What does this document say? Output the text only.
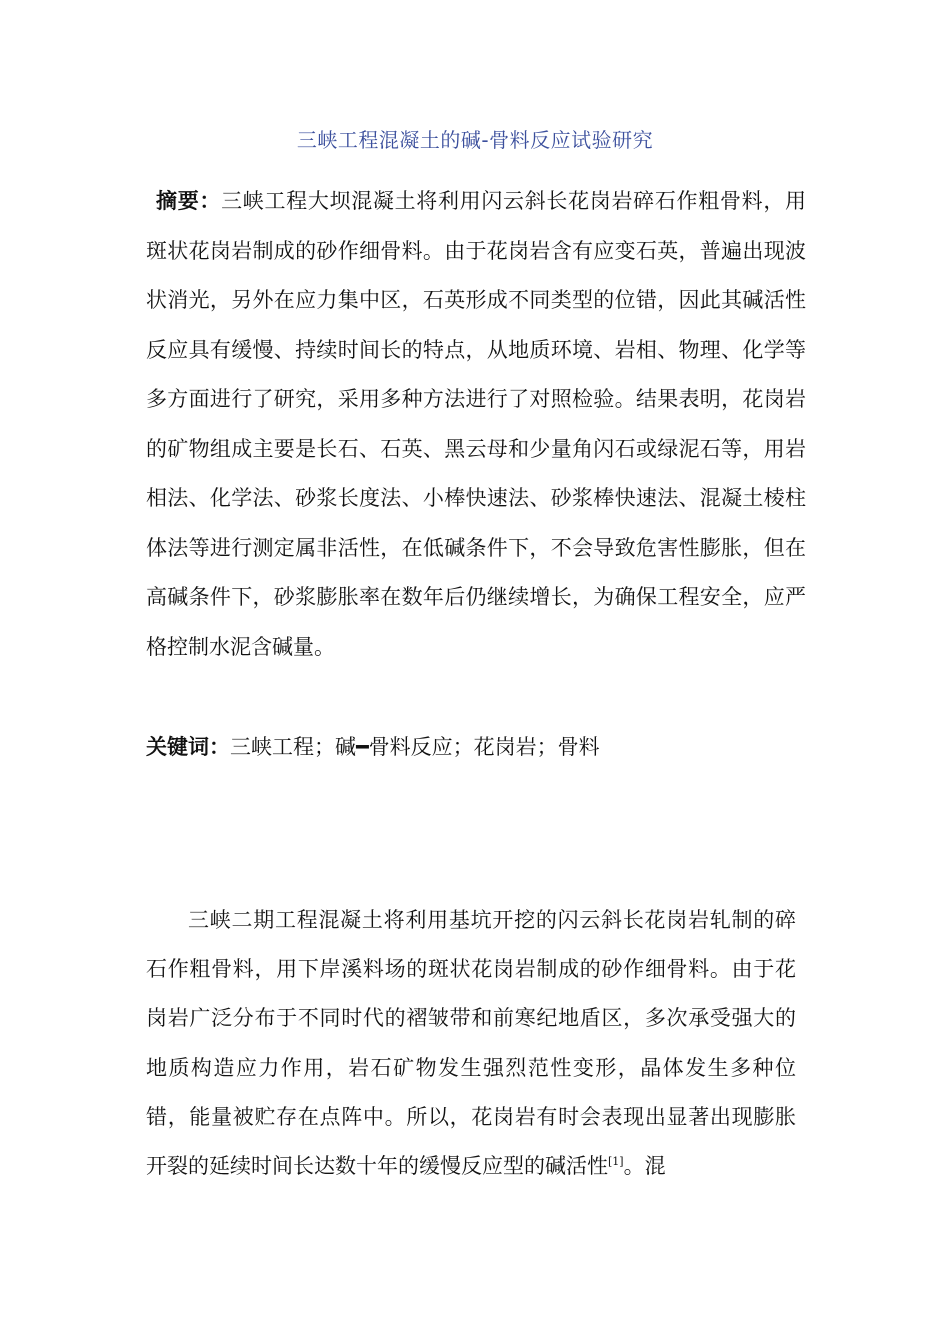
三峡工程混凝土的碱-骨料反应试验研究
摘要：三峡工程大坝混凝土将利用闪云斜长花岗岩碎石作粗骨料，用斑状花岗岩制成的砂作细骨料。由于花岗岩含有应变石英，普遍出现波状消光，另外在应力集中区，石英形成不同类型的位错，因此其碱活性反应具有缓慢、持续时间长的特点，从地质环境、岩相、物理、化学等多方面进行了研究，采用多种方法进行了对照检验。结果表明，花岗岩的矿物组成主要是长石、石英、黑云母和少量角闪石或绿泥石等，用岩相法、化学法、砂浆长度法、小棒快速法、砂浆棒快速法、混凝土棱柱体法等进行测定属非活性，在低碱条件下，不会导致危害性膨胀，但在高碱条件下，砂浆膨胀率在数年后仍继续增长，为确保工程安全，应严格控制水泥含碱量。
关键词：三峡工程；碱━骨料反应；花岗岩；骨料
三峡二期工程混凝土将利用基坑开挖的闪云斜长花岗岩轧制的碎石作粗骨料，用下岸溪料场的斑状花岗岩制成的砂作细骨料。由于花岗岩广泛分布于不同时代的褶皱带和前寒纪地盾区，多次承受强大的地质构造应力作用，岩石矿物发生强烈范性变形，晶体发生多种位错，能量被贮存在点阵中。所以，花岗岩有时会表现出显著出现膨胀开裂的延续时间长达数十年的缓慢反应型的碱活性[1]。混
